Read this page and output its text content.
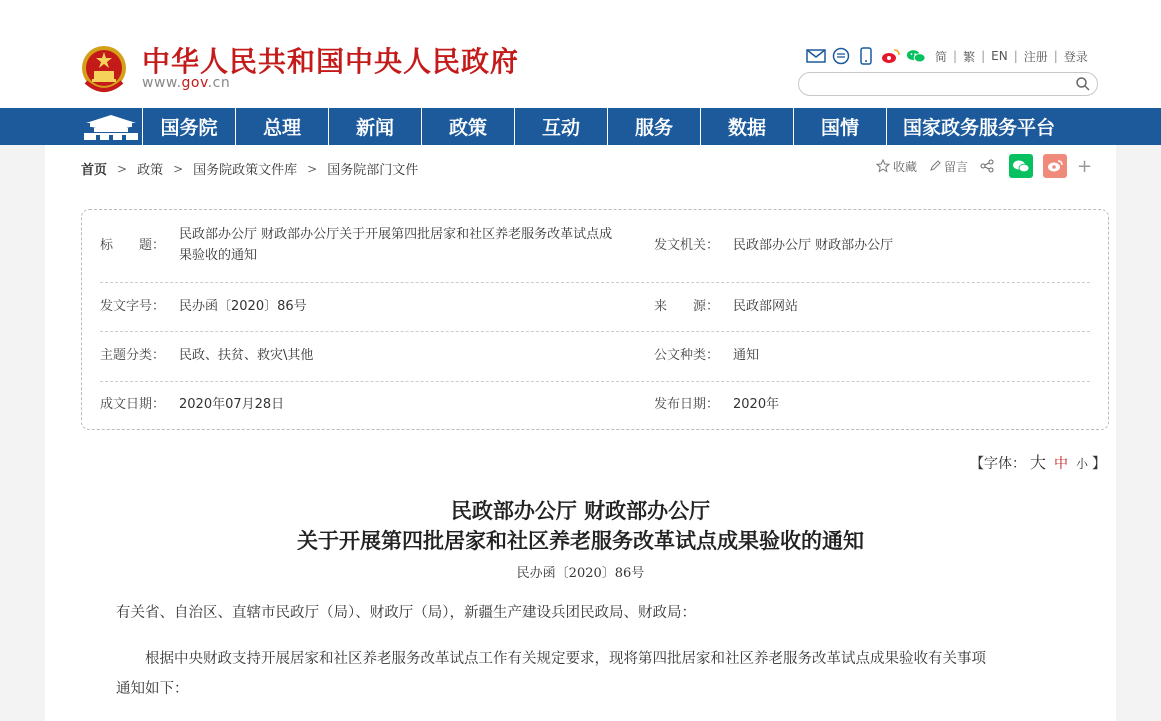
中华人民共和国中央人民政府
www.gov.cn
简 | 繁 | EN | 注册 | 登录
国务院	总理	新闻	政策	互动	服务	数据	国情	国家政务服务平台
首页 > 政策 > 国务院政策文件库 > 国务院部门文件	收藏 留言	+
标　　题：
民政部办公厅 财政部办公厅关于开展第四批居家和社区养老服务改革试点成
果验收的通知
发文机关： 民政部办公厅 财政部办公厅
发文字号： 民办函〔2020〕86号	来　　源： 民政部网站
主题分类： 民政、扶贫、救灾\其他	公文种类： 通知
成文日期： 2020年07月28日	发布日期： 2020年
【字体： 大 中 小 】
民政部办公厅 财政部办公厅
关于开展第四批居家和社区养老服务改革试点成果验收的通知
民办函〔2020〕86号
有关省、自治区、直辖市民政厅（局）、财政厅（局），新疆生产建设兵团民政局、财政局：
　　根据中央财政支持开展居家和社区养老服务改革试点工作有关规定要求，现将第四批居家和社区养老服务改革试点成果验收有关事项
通知如下：
